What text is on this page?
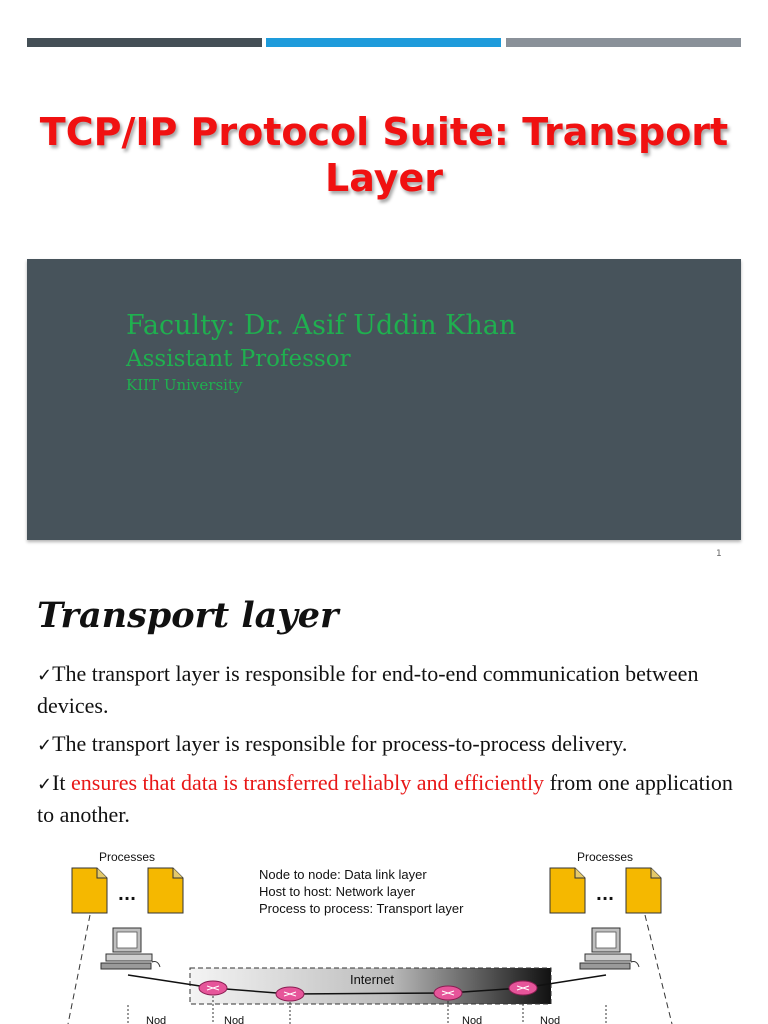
TCP/IP Protocol Suite: Transport Layer
Faculty: Dr. Asif Uddin Khan
Assistant Professor
KIIT University
1
Transport layer
✓The transport layer is responsible for end-to-end communication between devices.
✓The transport layer is responsible for process-to-process delivery.
✓It ensures that data is transferred reliably and efficiently from one application to another.
Processes
...
Processes
...
Node to node: Data link layer
Host to host: Network layer
Process to process: Transport layer
Internet
Nod	Nod	Nod	Nod
